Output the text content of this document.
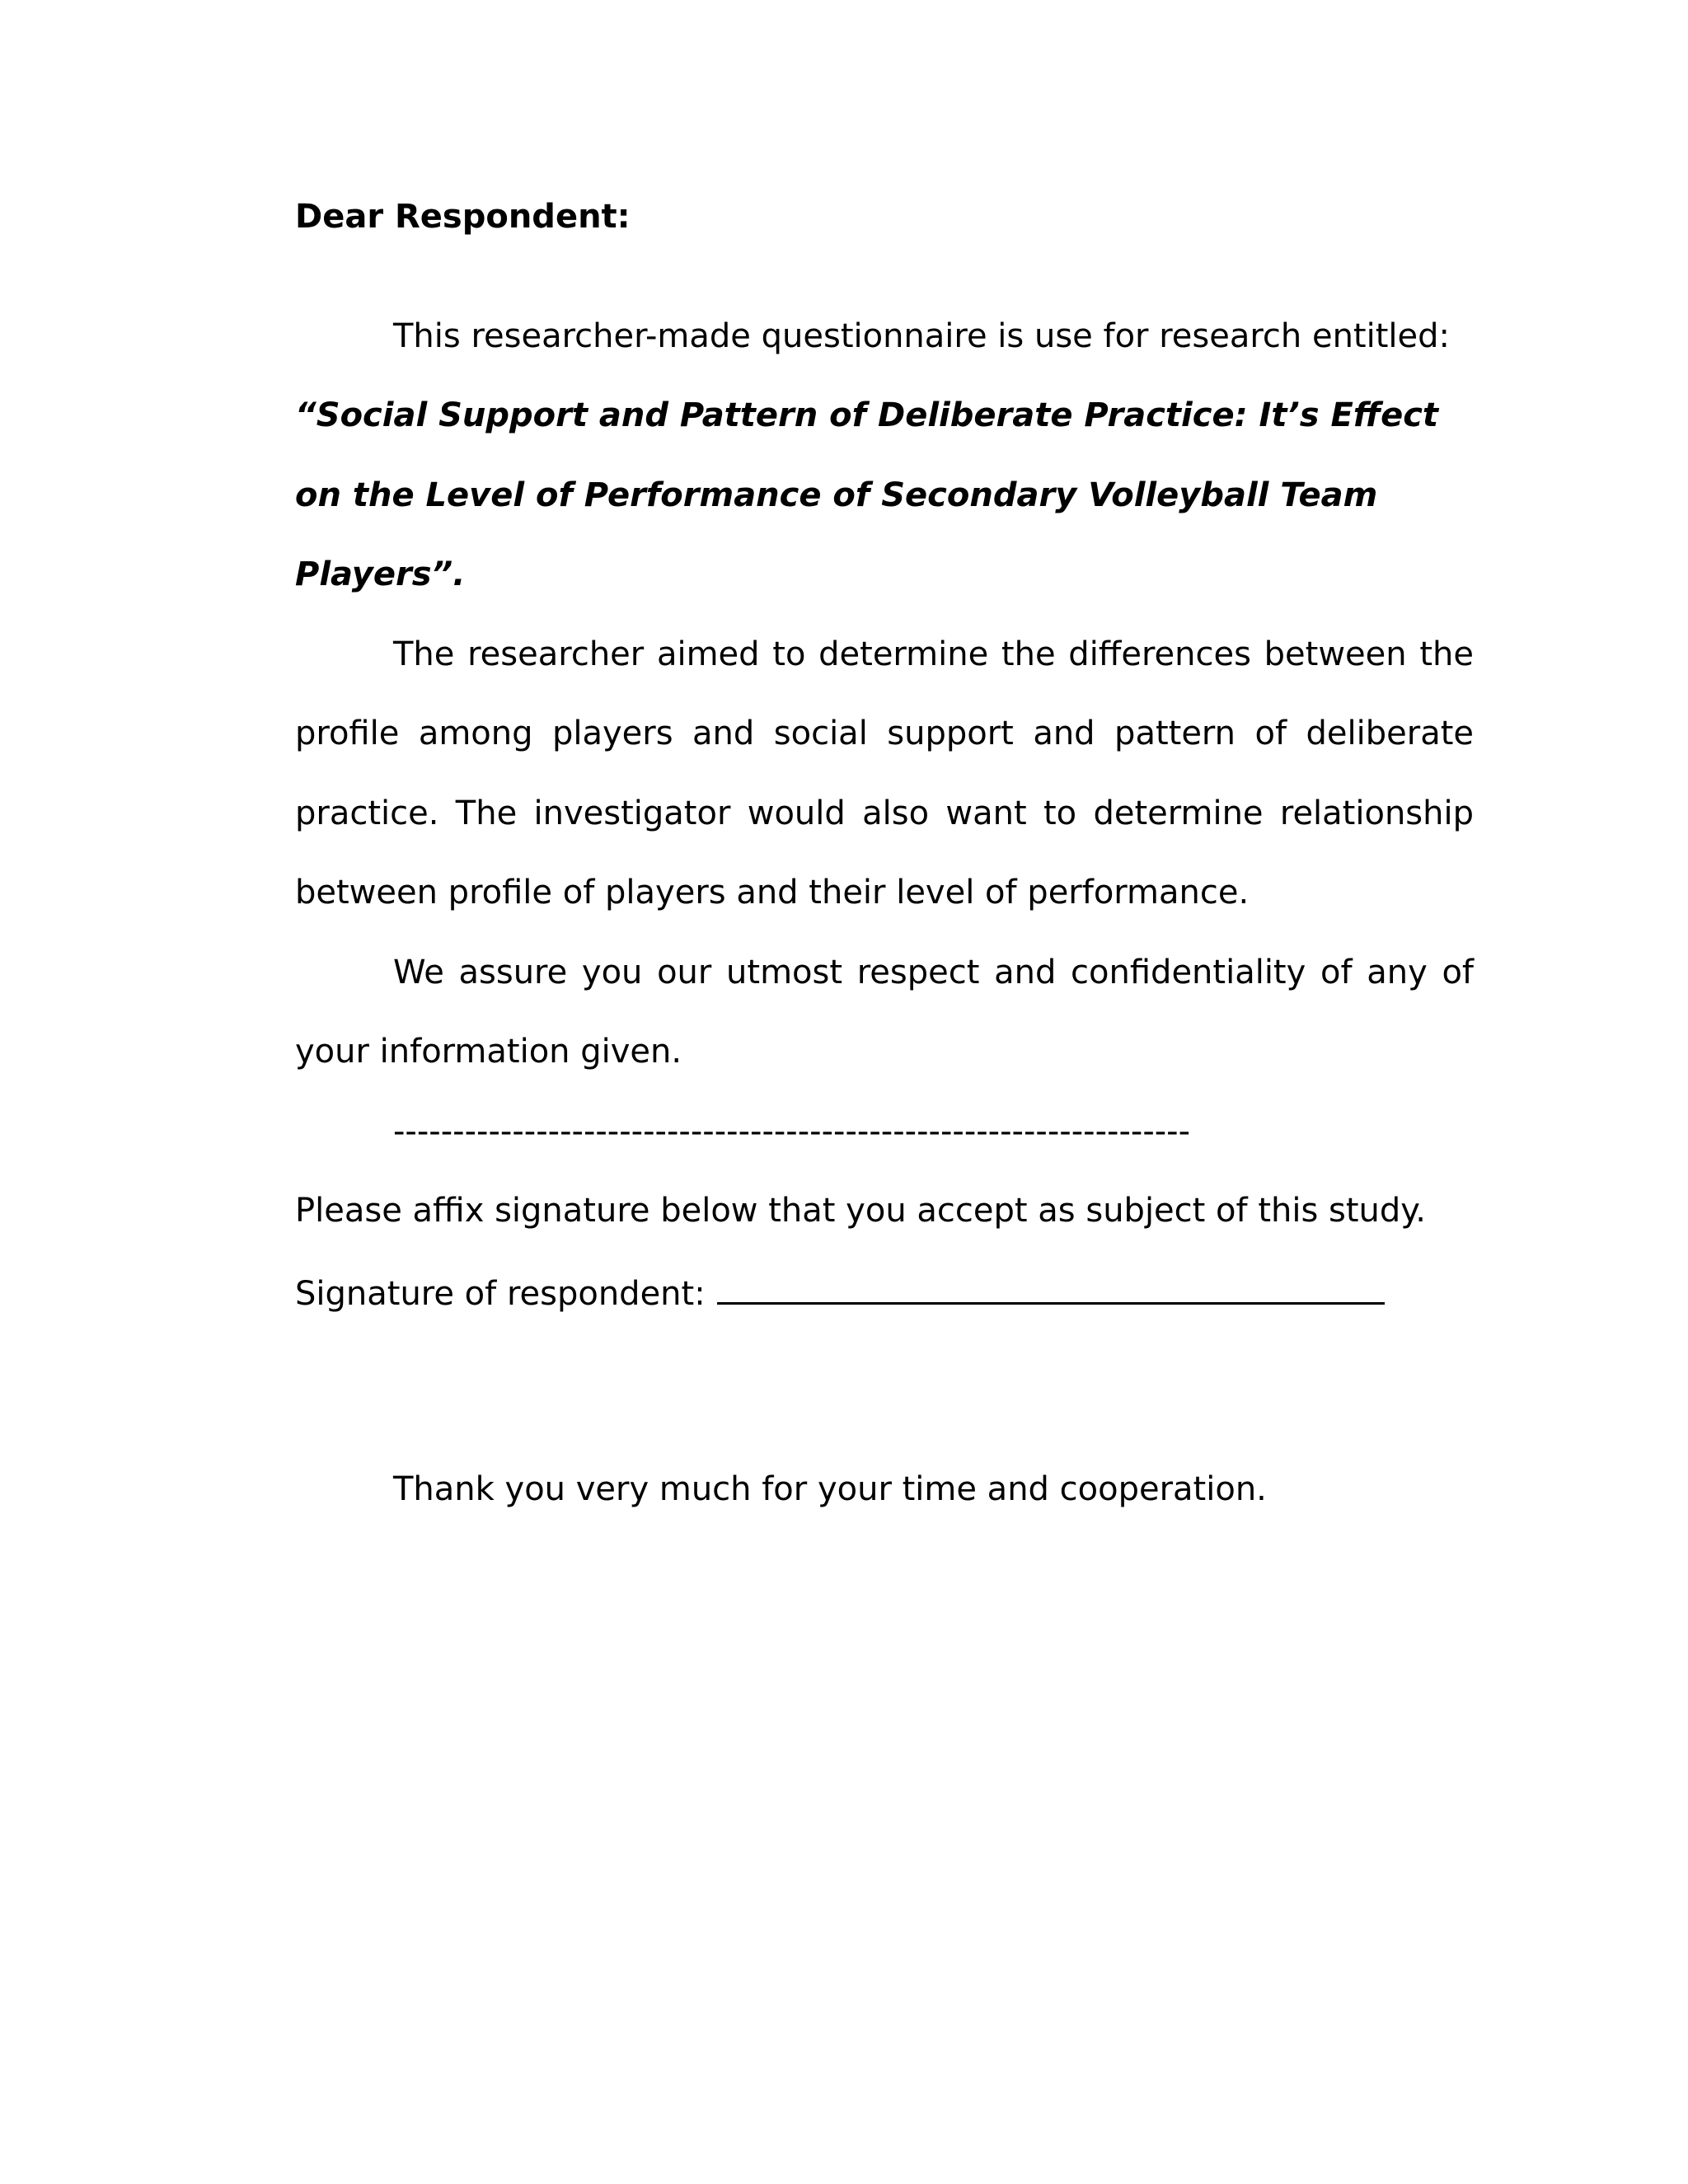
Dear Respondent:
This researcher-made questionnaire is use for research entitled:
“Social Support and Pattern of Deliberate Practice: It’s Effect
on the Level of Performance of Secondary Volleyball Team
Players”.
The researcher aimed to determine the differences between the
profile among players and social support and pattern of deliberate
practice. The investigator would also want to determine relationship
between profile of players and their level of performance.
We assure you our utmost respect and confidentiality of any of
your information given.
-------------------------------------------------------------------
Please affix signature below that you accept as subject of this study.
Signature of respondent:
Thank you very much for your time and cooperation.
